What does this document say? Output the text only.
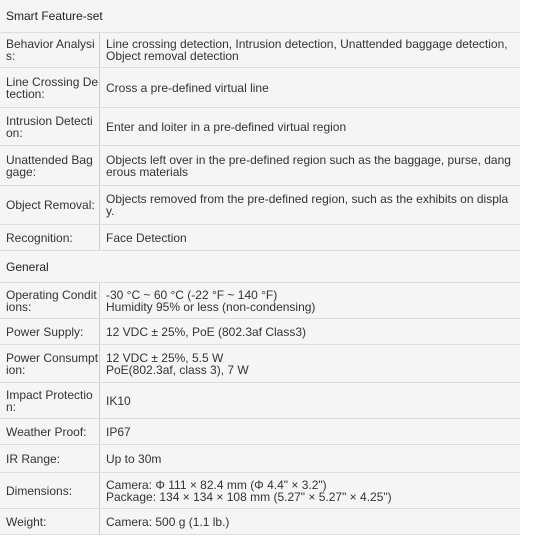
Smart Feature-set
Behavior Analysis:
Line crossing detection, Intrusion detection, Unattended baggage detection, Object removal detection
Line Crossing Detection:	Cross a pre-defined virtual line
Intrusion Detection:	Enter and loiter in a pre-defined virtual region
Unattended Baggage:
Objects left over in the pre-defined region such as the baggage, purse, dangerous materials
Object Removal: Objects removed from the pre-defined region, such as the exhibits on display.
Recognition:	Face Detection
General
Operating Conditions:
-30 °C ~ 60 °C (-22 °F ~ 140 °F)
Humidity 95% or less (non-condensing)
Power Supply: 12 VDC ± 25%, PoE (802.3af Class3)
Power Consumption:
12 VDC ± 25%, 5.5 W
PoE(802.3af, class 3), 7 W
Impact Protection:	IK10
Weather Proof: IP67
IR Range:	Up to 30m
Dimensions:	Camera: Φ 111 × 82.4 mm (Φ 4.4" × 3.2")
Package: 134 × 134 × 108 mm (5.27" × 5.27" × 4.25")
Weight:	Camera: 500 g (1.1 lb.)
